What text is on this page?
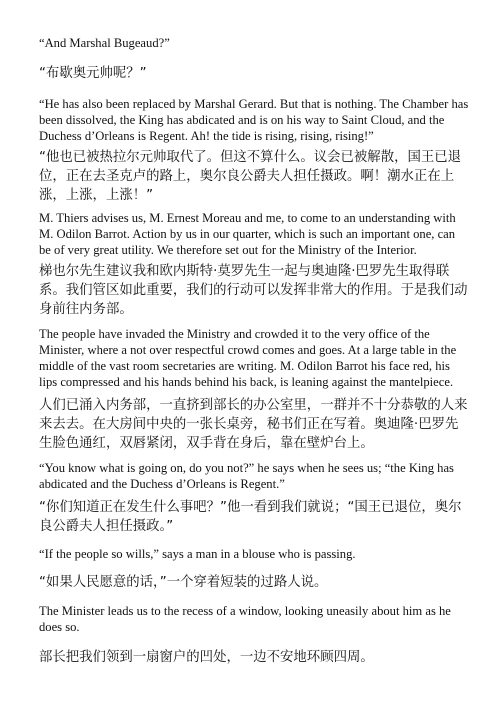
“And Marshal Bugeaud?”

“布歇奥元帅呢？”

“He has also been replaced by Marshal Gerard. But that is nothing. The Chamber has been dissolved, the King has abdicated and is on his way to Saint Cloud, and the Duchess d’Orleans is Regent. Ah! the tide is rising, rising, rising!”

“他也已被热拉尔元帅取代了。但这不算什么。议会已被解散，国王已退位，正在去圣克卢的路上，奥尔良公爵夫人担任摄政。啊！潮水正在上涨，上涨，上涨！”

M. Thiers advises us, M. Ernest Moreau and me, to come to an understanding with M. Odilon Barrot. Action by us in our quarter, which is such an important one, can be of very great utility. We therefore set out for the Ministry of the Interior.

梯也尔先生建议我和欧内斯特·莫罗先生一起与奥迪隆·巴罗先生取得联系。我们管区如此重要，我们的行动可以发挥非常大的作用。于是我们动身前往内务部。

The people have invaded the Ministry and crowded it to the very office of the Minister, where a not over respectful crowd comes and goes. At a large table in the middle of the vast room secretaries are writing. M. Odilon Barrot his face red, his lips compressed and his hands behind his back, is leaning against the mantelpiece.

人们已涌入内务部，一直挤到部长的办公室里，一群并不十分恭敬的人来来去去。在大房间中央的一张长桌旁，秘书们正在写着。奥迪隆·巴罗先生脸色通红，双唇紧闭，双手背在身后，靠在壁炉台上。

“You know what is going on, do you not?” he says when he sees us; “the King has abdicated and the Duchess d’Orleans is Regent.”

“你们知道正在发生什么事吧？”他一看到我们就说；“国王已退位，奥尔良公爵夫人担任摄政。”

“If the people so wills,” says a man in a blouse who is passing.

“如果人民愿意的话，”一个穿着短装的过路人说。

The Minister leads us to the recess of a window, looking uneasily about him as he does so.

部长把我们领到一扇窗户的凹处，一边不安地环顾四周。
